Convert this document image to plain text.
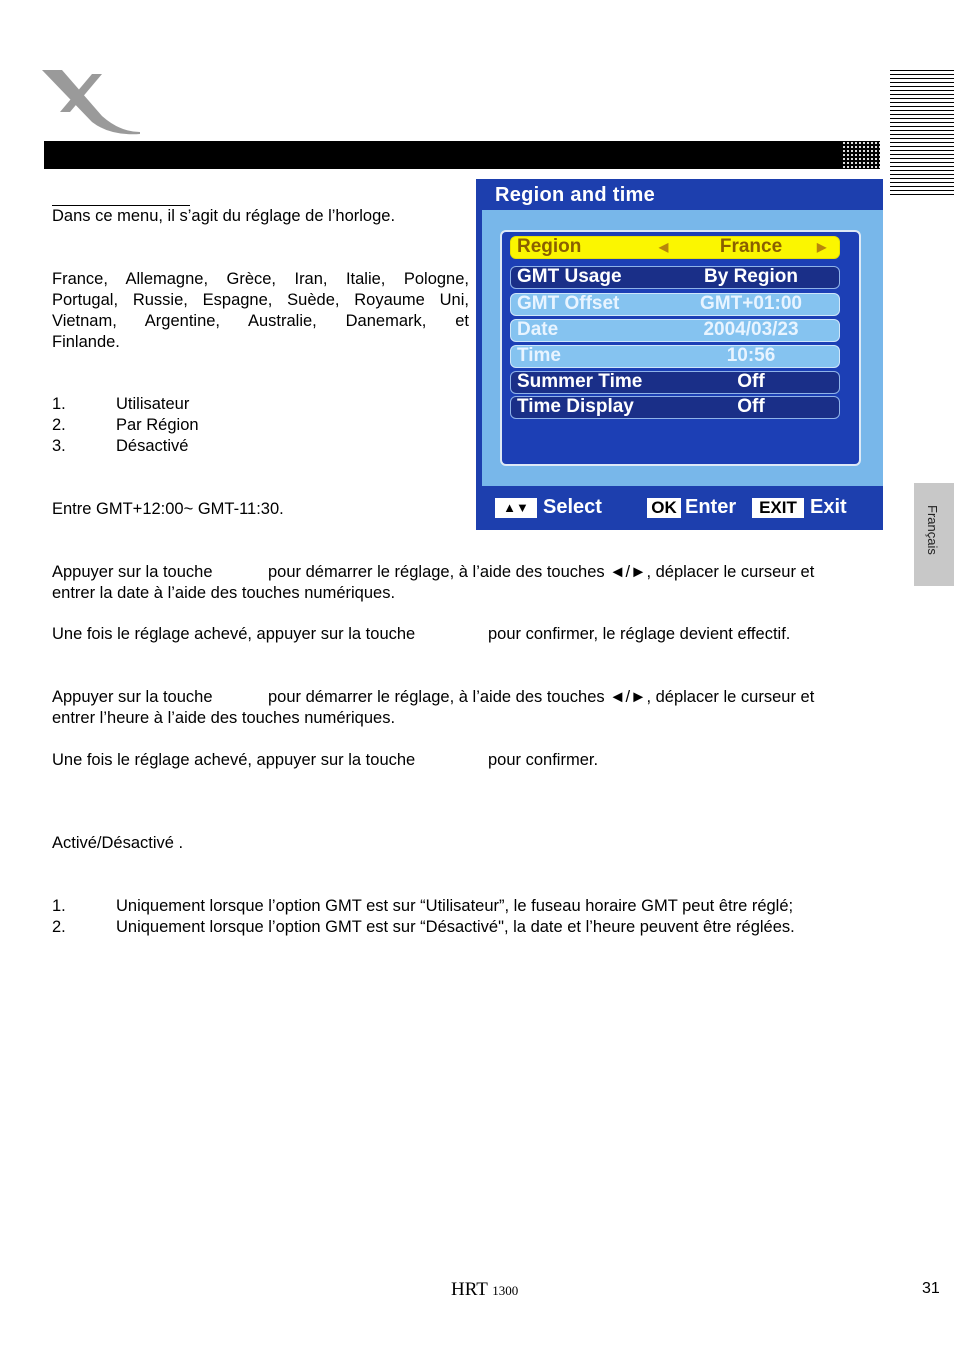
Français
Dans ce menu, il s’agit du réglage de l’horloge.
France, Allemagne, Grèce, Iran, Italie, Pologne,
Portugal, Russie, Espagne, Suède, Royaume Uni,
Vietnam, Argentine, Australie, Danemark, et
Finlande.
1.	Utilisateur
2.	Par Région
3.	Désactivé
Entre GMT+12:00~ GMT-11:30.
Appuyer sur la touche	pour démarrer le réglage, à l’aide des touches ◄/►, déplacer le curseur et
entrer la date à l’aide des touches numériques.
Une fois le réglage achevé, appuyer sur la touche	pour confirmer, le réglage devient effectif.
Appuyer sur la touche	pour démarrer le réglage, à l’aide des touches ◄/►, déplacer le curseur et
entrer l’heure à l’aide des touches numériques.
Une fois le réglage achevé, appuyer sur la touche	pour confirmer.
Activé/Désactivé .
1.	Uniquement lorsque l’option GMT est sur “Utilisateur”, le fuseau horaire GMT peut être réglé;
2.	Uniquement lorsque l’option GMT est sur “Désactivé", la date et l’heure peuvent être réglées.
Region and time
Region	◀	France	▶
GMT Usage	By Region
GMT Offset	GMT+01:00
Date	2004/03/23
Time	10:56
Summer Time	Off
Time Display	Off
▲▼ Select	OK Enter	EXIT Exit
HRT 1300	31
